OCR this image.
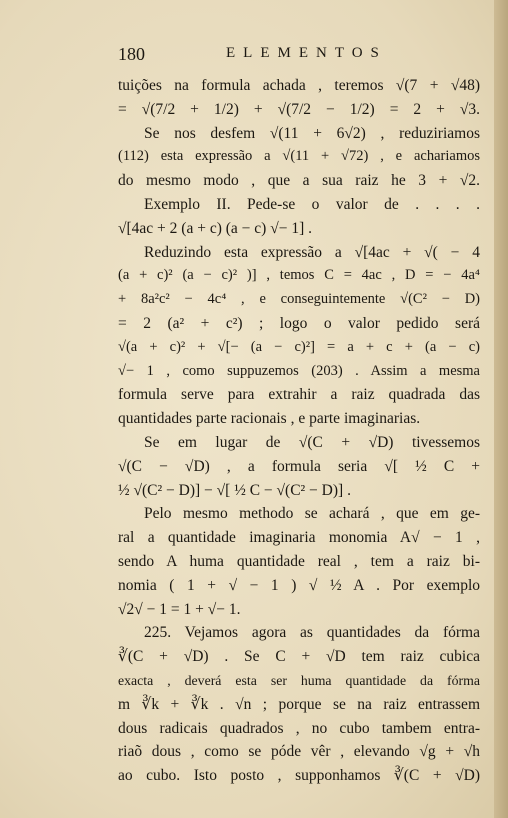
180	ELEMENTOS
tuições na formula achada , teremos √(7 + √48)
= √(7/2 + 1/2) + √(7/2 − 1/2) = 2 + √3.
Se nos desfem √(11 + 6√2) , reduziriamos
(112) esta expressão a √(11 + √72) , e achariamos
do mesmo modo , que a sua raiz he 3 + √2.
Exemplo II. Pede-se o valor de . . . .
√[4ac + 2 (a + c) (a − c) √− 1] .
Reduzindo esta expressão a √[4ac + √( − 4
(a + c)² (a − c)² )] , temos C = 4ac , D = − 4a⁴
+ 8a²c² − 4c⁴ , e conseguintemente √(C² − D)
= 2 (a² + c²) ; logo o valor pedido será
√(a + c)² + √[− (a − c)²] = a + c + (a − c)
√− 1 , como suppuzemos (203) . Assim a mesma
formula serve para extrahir a raiz quadrada das
quantidades parte racionais , e parte imaginarias.
Se em lugar de √(C + √D) tivessemos
√(C − √D) , a formula seria √[ ½ C +
½ √(C² − D)] − √[ ½ C − √(C² − D)] .
Pelo mesmo methodo se achará , que em ge-
ral a quantidade imaginaria monomia A√ − 1 ,
sendo A huma quantidade real , tem a raiz bi-
nomia ( 1 + √ − 1 ) √ ½ A . Por exemplo
√2√ − 1 = 1 + √− 1.
225. Vejamos agora as quantidades da fórma
∛(C + √D) . Se C + √D tem raiz cubica
exacta , deverá esta ser huma quantidade da fórma
m ∛k + ∛k . √n ; porque se na raiz entrassem
dous radicais quadrados , no cubo tambem entra-
riaõ dous , como se póde vêr , elevando √g + √h
ao cubo. Isto posto , supponhamos ∛(C + √D)
